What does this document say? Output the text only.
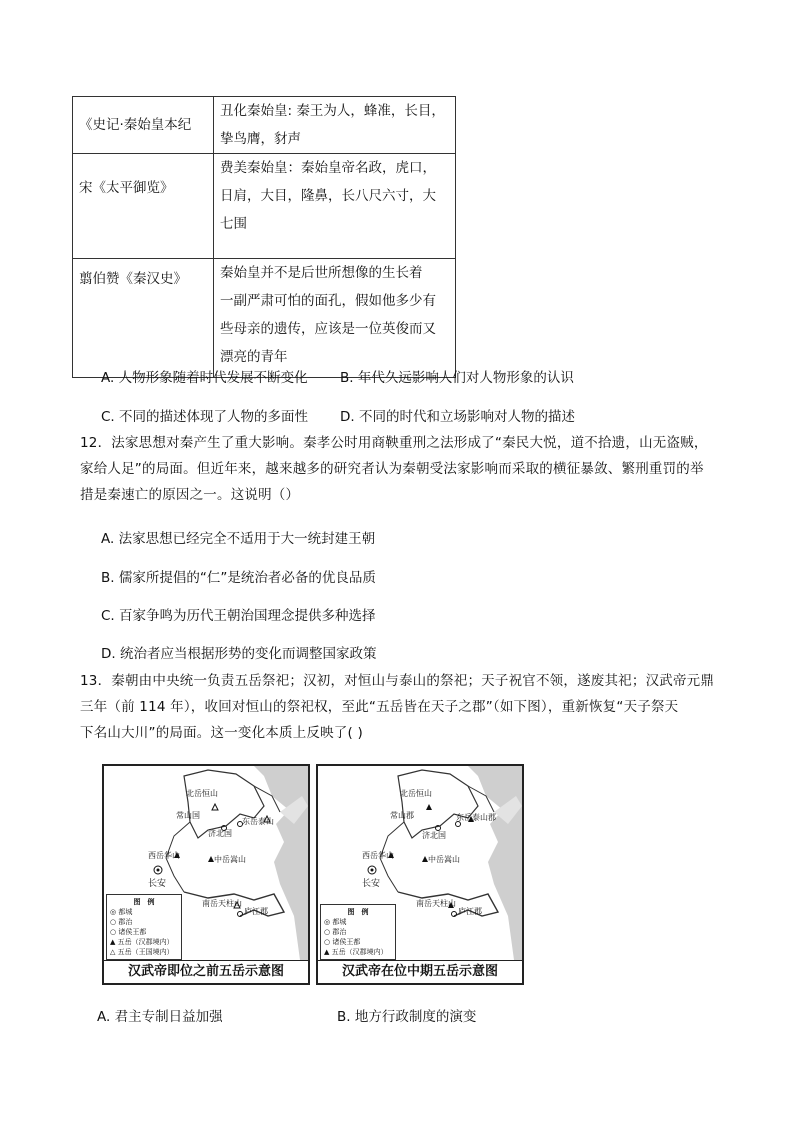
《史记·秦始皇本纪	丑化秦始皇: 秦王为人，蜂准，长目，
挚鸟膺，豺声

宋《太平御览》	费美秦始皇：秦始皇帝名政，虎口，
日肩，大目，隆鼻，长八尺六寸，大
七围

翦伯赞《秦汉史》	秦始皇并不是后世所想像的生长着
一副严肃可怕的面孔，假如他多少有
些母亲的遗传，应该是一位英俊而又
漂亮的青年
A. 人物形象随着时代发展不断变化 B. 年代久远影响人们对人物形象的认识
C. 不同的描述体现了人物的多面性 D. 不同的时代和立场影响对人物的描述
12．法家思想对秦产生了重大影响。秦孝公时用商鞅重刑之法形成了“秦民大悦，道不拾遗，山无盗贼，
家给人足”的局面。但近年来，越来越多的研究者认为秦朝受法家影响而采取的横征暴敛、繁刑重罚的举
措是秦速亡的原因之一。这说明（）
A. 法家思想已经完全不适用于大一统封建王朝
B. 儒家所提倡的“仁”是统治者必备的优良品质
C. 百家争鸣为历代王朝治国理念提供多种选择
D. 统治者应当根据形势的变化而调整国家政策
13．秦朝由中央统一负责五岳祭祀；汉初，对恒山与泰山的祭祀；天子祝官不领，遂废其祀；汉武帝元鼎
三年（前 114 年），收回对恒山的祭祀权，至此“五岳皆在天子之郡”（如下图），重新恢复“天子祭天
下名山大川”的局面。这一变化本质上反映了( )
北岳恒山
常山国
东岳泰山
济北国
西岳华山	中岳嵩山
长安
南岳天柱山
庐江郡
图　例
◎ 都城
○ 郡治
○ 诸侯王都
▲ 五岳（汉郡境内）
△ 五岳（王国境内）
汉武帝即位之前五岳示意图
北岳恒山
常山郡	东岳泰山郡
济北国
西岳华山	中岳嵩山
长安
南岳天柱山
庐江郡
图　例
◎ 都城
○ 郡治
○ 诸侯王都
▲ 五岳（汉郡境内）
汉武帝在位中期五岳示意图
A. 君主专制日益加强	B. 地方行政制度的演变
